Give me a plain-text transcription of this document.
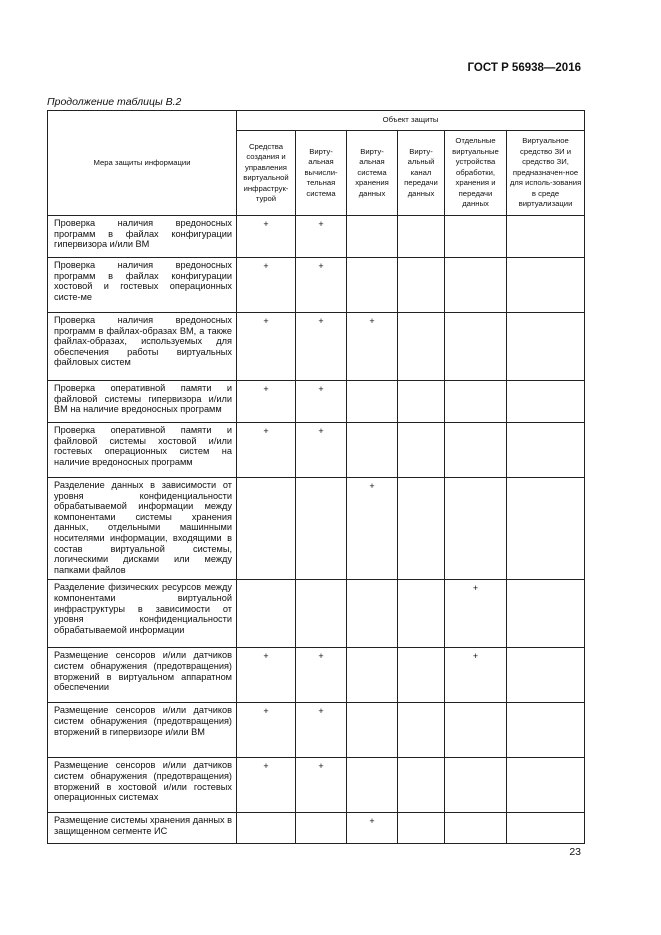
ГОСТ Р 56938—2016
Продолжение таблицы В.2
Мера защиты информации	Объект защиты					
	Средства создания и управления виртуальной инфраструк-турой	Вирту-альная вычисли-тельная система	Вирту-альная система хранения данных	Вирту-альный канал передачи данных	Отдельные виртуальные устройства обработки, хранения и передачи данных	Виртуальное средство ЗИ и средство ЗИ, предназначен-ное для исполь-зования в среде виртуализации
Проверка наличия вредоносных программ в файлах конфигурации гипервизора и/или ВМ	+	+				
Проверка наличия вредоносных программ в файлах конфигурации хостовой и гостевых операционных систе-ме	+	+				
Проверка наличия вредоносных программ в файлах-образах ВМ, а также файлах-образах, используемых для обеспечения работы виртуальных файловых систем	+	+	+			
Проверка оперативной памяти и файловой системы гипервизора и/или ВМ на наличие вредоносных программ	+	+				
Проверка оперативной памяти и файловой системы хостовой и/или гостевых операционных систем на наличие вредоносных программ	+	+				
Разделение данных в зависимости от уровня конфиденциальности обрабатываемой информации между компонентами системы хранения данных, отдельными машинными носителями информации, входящими в состав виртуальной системы, логическими дисками или между папками файлов			+			
Разделение физических ресурсов между компонентами виртуальной инфраструктуры в зависимости от уровня конфиденциальности обрабатываемой информации					+	
Размещение сенсоров и/или датчиков систем обнаружения (предотвращения) вторжений в виртуальном аппаратном обеспечении	+	+			+	
Размещение сенсоров и/или датчиков систем обнаружения (предотвращения) вторжений в гипервизоре и/или ВМ	+	+				
Размещение сенсоров и/или датчиков систем обнаружения (предотвращения) вторжений в хостовой и/или гостевых операционных системах	+	+				
Размещение системы хранения данных в защищенном сегменте ИС			+			
23
